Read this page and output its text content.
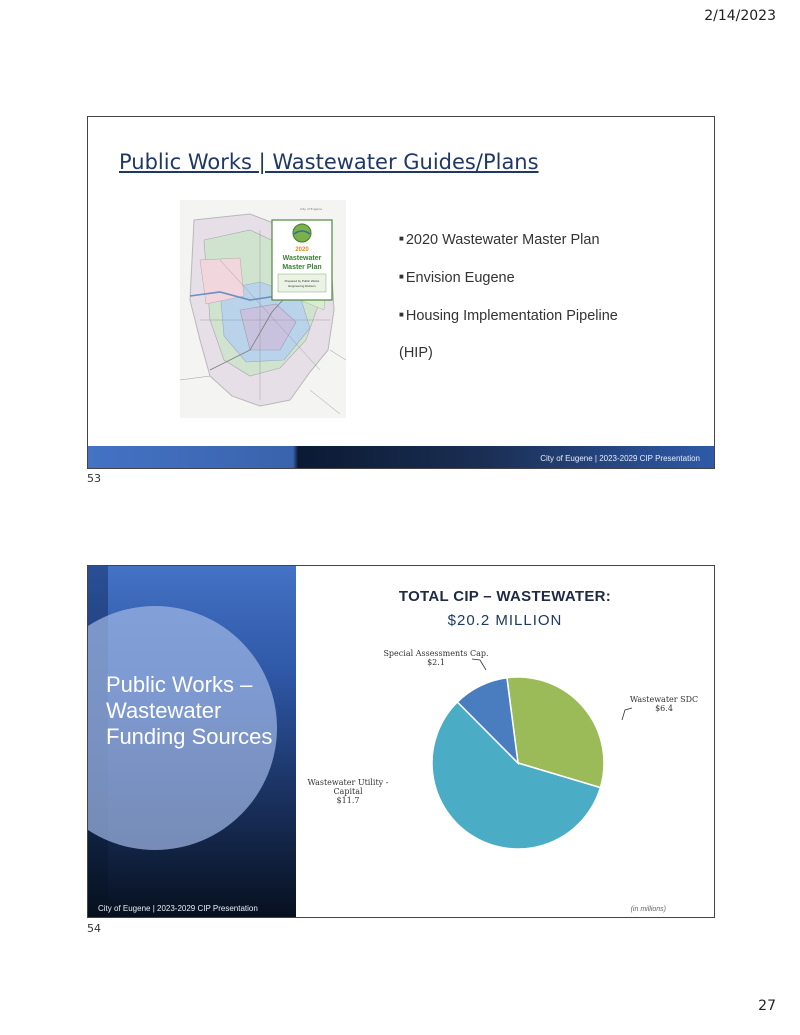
2/14/2023
Public Works | Wastewater Guides/Plans
City of Eugene
2020
Wastewater
Master Plan
Prepared by Public Works
Engineering Division
■ 2020 Wastewater Master Plan
■ Envision Eugene
■ Housing Implementation Pipeline
(HIP)
City of Eugene | 2023-2029 CIP Presentation
53
Public Works – Wastewater Funding Sources
City of Eugene | 2023-2029 CIP Presentation
TOTAL CIP – WASTEWATER:
$20.2 MILLION
Special Assessments Cap.
$2.1
Wastewater SDC
$6.4
Wastewater Utility -
Capital
$11.7
(in millions)
54
27
